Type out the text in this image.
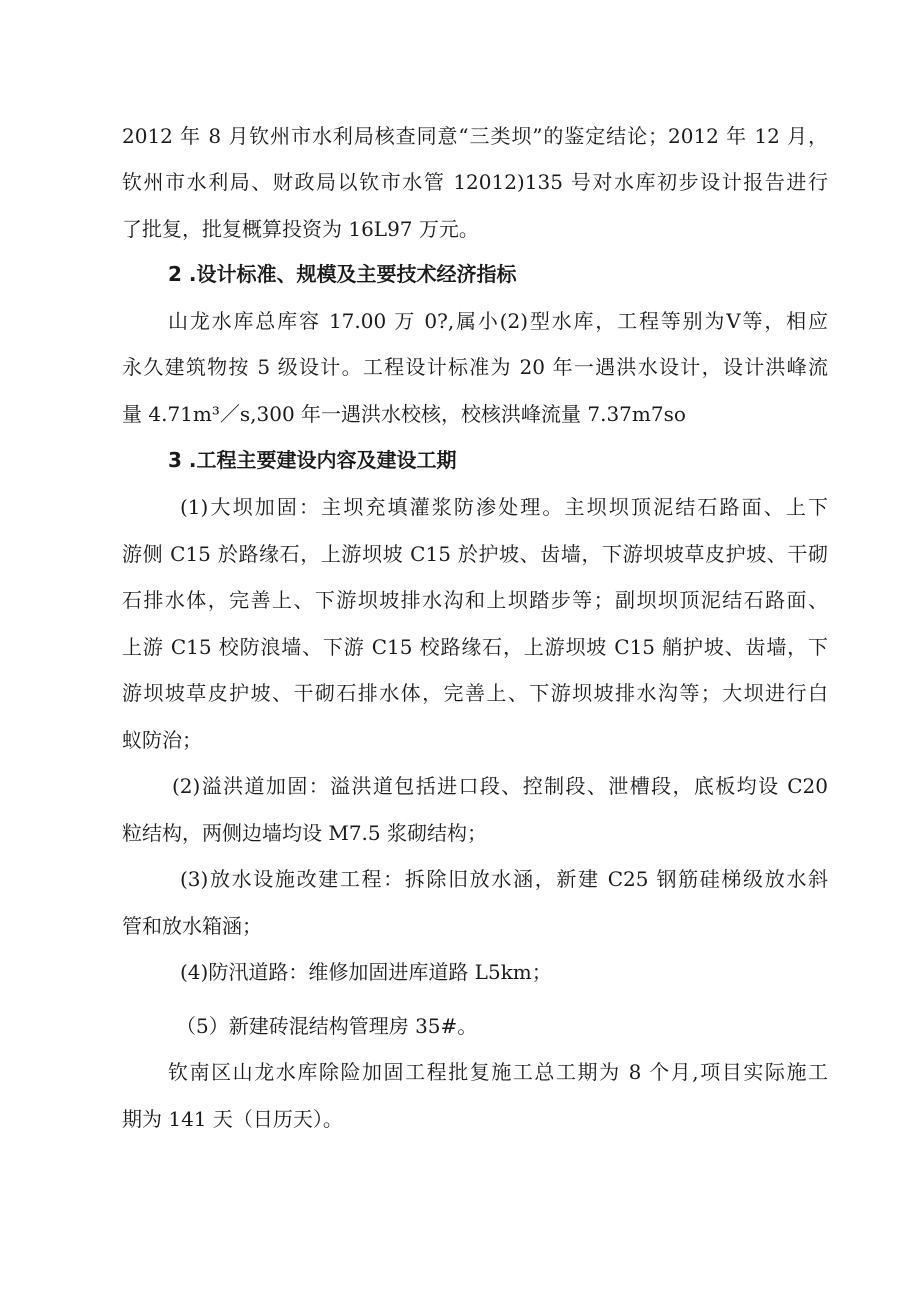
2012 年 8 月钦州市水利局核查同意“三类坝”的鉴定结论；2012 年 12 月，
钦州市水利局、财政局以钦市水管 12012)135 号对水库初步设计报告进行
了批复，批复概算投资为 16L97 万元。
2 .设计标准、规模及主要技术经济指标
山龙水库总库容 17.00 万 0?,属小(2)型水库，工程等别为Ⅴ等，相应
永久建筑物按 5 级设计。工程设计标准为 20 年一遇洪水设计，设计洪峰流
量 4.71m³／s,300 年一遇洪水校核，校核洪峰流量 7.37m7so
3 .工程主要建设内容及建设工期
(1)大坝加固：主坝充填灌浆防渗处理。主坝坝顶泥结石路面、上下
游侧 C15 於路缘石，上游坝坡 C15 於护坡、齿墙，下游坝坡草皮护坡、干砌
石排水体，完善上、下游坝坡排水沟和上坝踏步等；副坝坝顶泥结石路面、
上游 C15 校防浪墙、下游 C15 校路缘石，上游坝坡 C15 艄护坡、齿墙，下
游坝坡草皮护坡、干砌石排水体，完善上、下游坝坡排水沟等；大坝进行白
蚁防治；
(2)溢洪道加固：溢洪道包括进口段、控制段、泄槽段，底板均设 C20
粒结构，两侧边墙均设 M7.5 浆砌结构；
(3)放水设施改建工程：拆除旧放水涵，新建 C25 钢筋硅梯级放水斜
管和放水箱涵；
(4)防汛道路：维修加固进库道路 L5km；
（5）新建砖混结构管理房 35#。
钦南区山龙水库除险加固工程批复施工总工期为 8 个月,项目实际施工
期为 141 天（日历天）。
